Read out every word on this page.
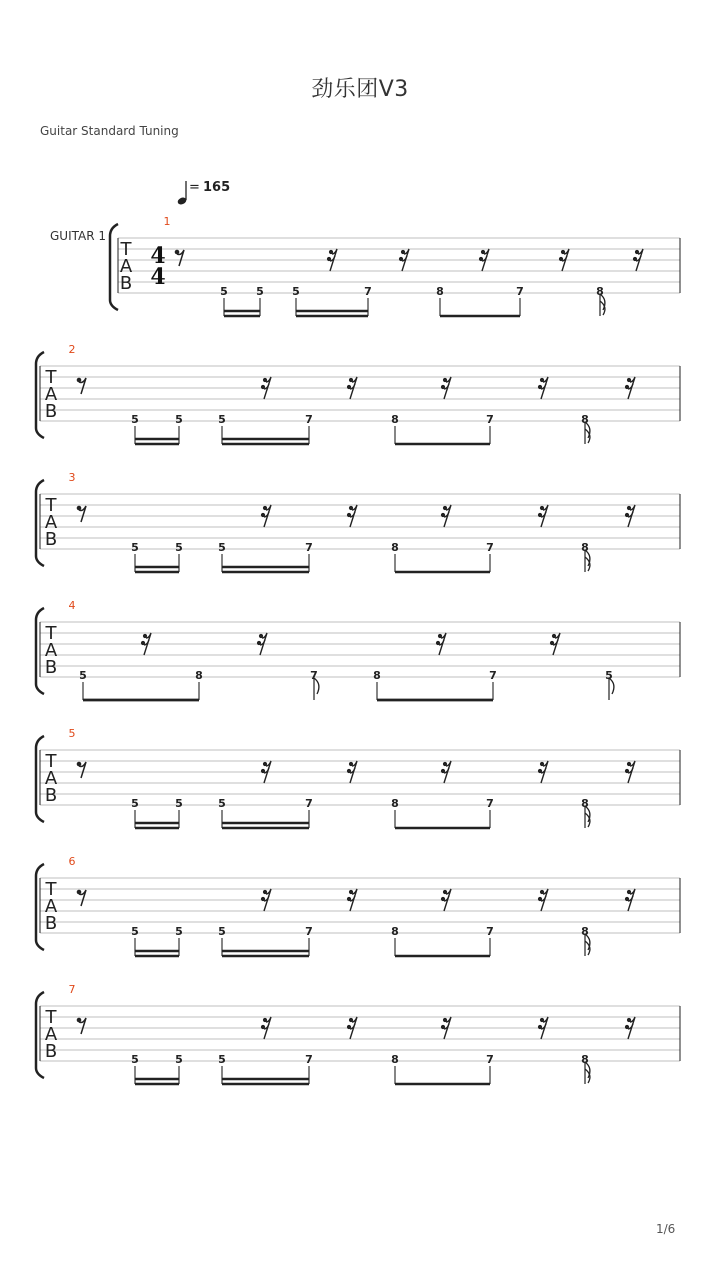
劲乐团V3
Guitar Standard Tuning
=
165
GUITAR 1
1
T
A
B
4
4
5	5	5	7	8	7	8
2
T
A
B	5	5	5	7	8	7	8
3
T
A
B	5	5	5	7	8	7	8
4
T
A
B 5	8	7	8	7	5
5
T
A
B	5	5	5	7	8	7	8
6
T
A
B	5	5	5	7	8	7	8
7
T
A
B	5	5	5	7	8	7	8
1/6
